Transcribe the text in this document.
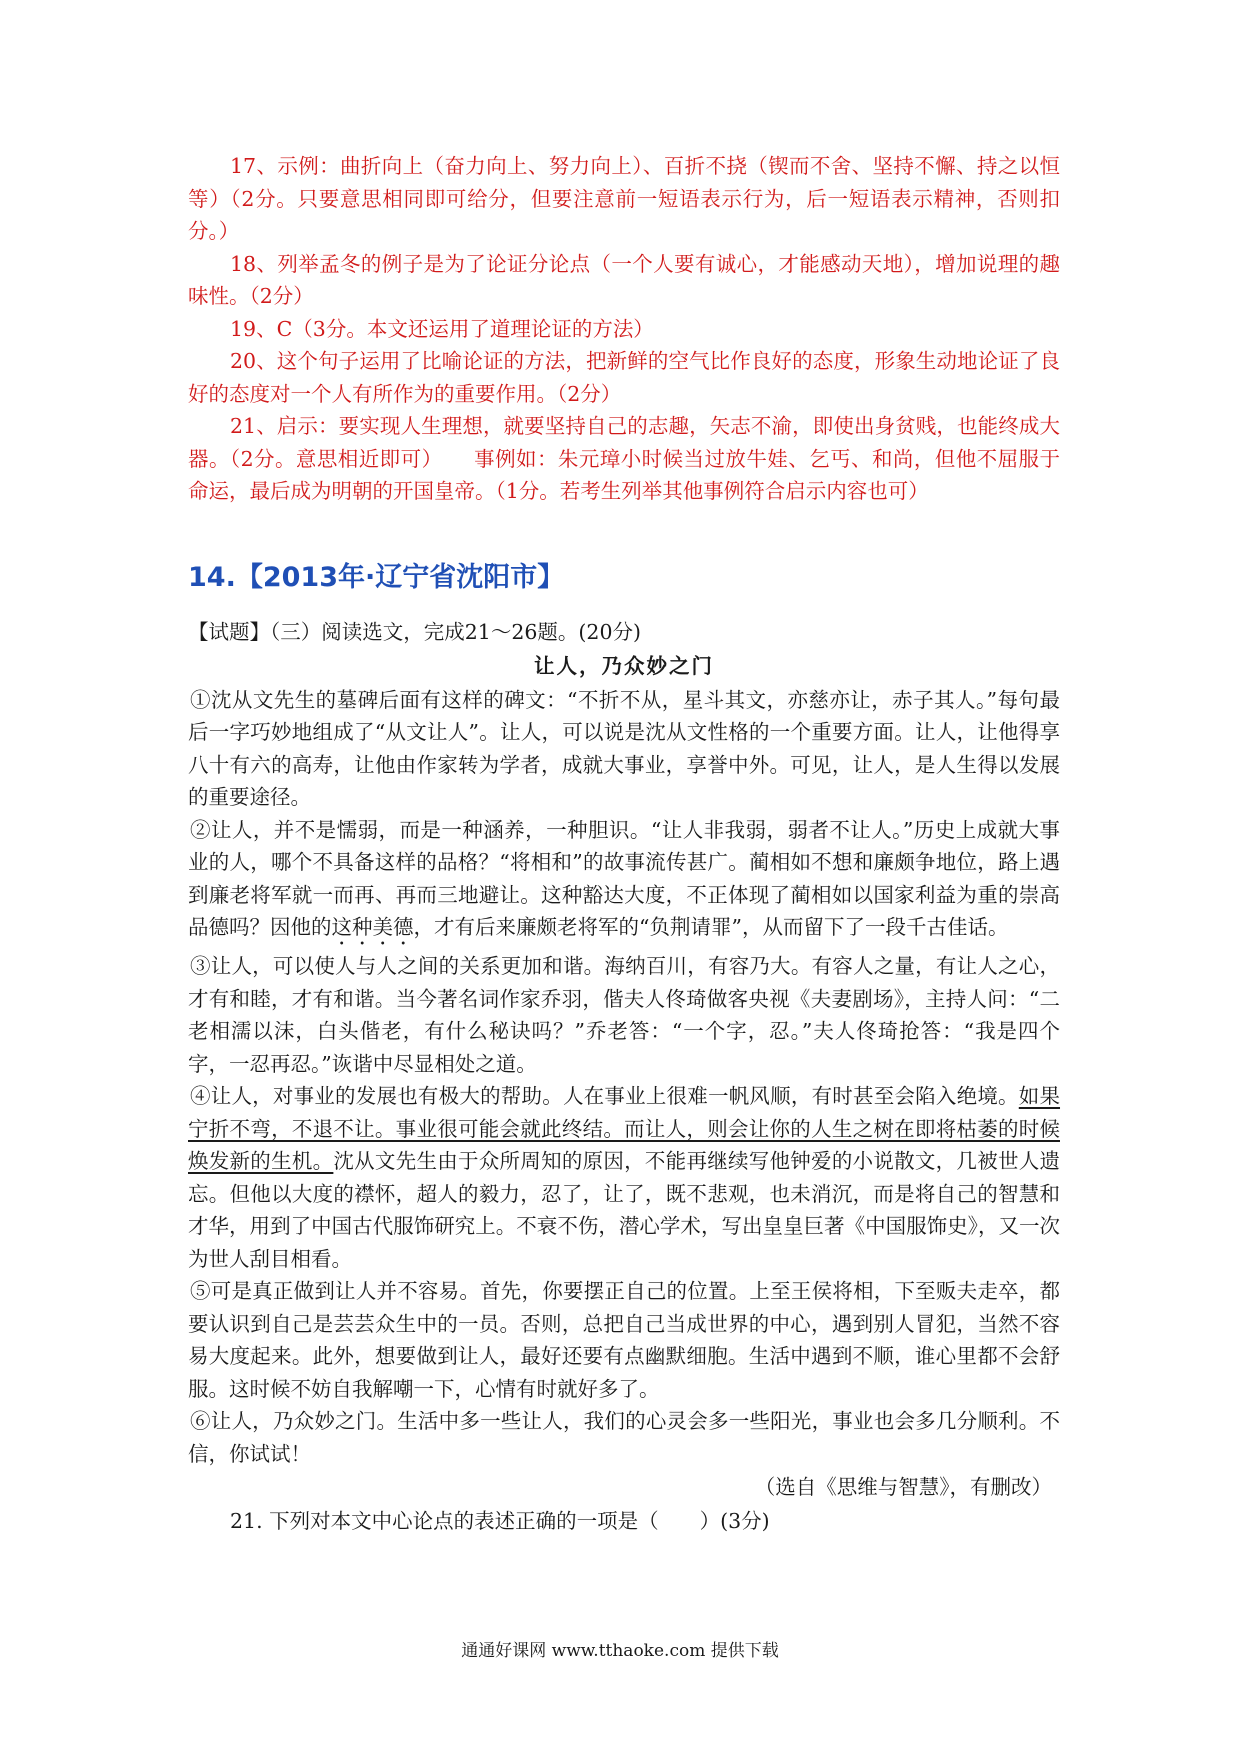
17、示例：曲折向上（奋力向上、努力向上）、百折不挠（锲而不舍、坚持不懈、持之以恒等）（2分。只要意思相同即可给分，但要注意前一短语表示行为，后一短语表示精神，否则扣分。）

18、列举孟冬的例子是为了论证分论点（一个人要有诚心，才能感动天地），增加说理的趣味性。（2分）

19、C（3分。本文还运用了道理论证的方法）

20、这个句子运用了比喻论证的方法，把新鲜的空气比作良好的态度，形象生动地论证了良好的态度对一个人有所作为的重要作用。（2分）

21、启示：要实现人生理想，就要坚持自己的志趣，矢志不渝，即使出身贫贱，也能终成大器。（2分。意思相近即可）　　事例如：朱元璋小时候当过放牛娃、乞丐、和尚，但他不屈服于命运，最后成为明朝的开国皇帝。（1分。若考生列举其他事例符合启示内容也可）

14.【2013年·辽宁省沈阳市】

【试题】（三）阅读选文，完成21～26题。(20分)

让人，乃众妙之门

①沈从文先生的墓碑后面有这样的碑文：“不折不从，星斗其文，亦慈亦让，赤子其人。”每句最后一字巧妙地组成了“从文让人”。让人，可以说是沈从文性格的一个重要方面。让人，让他得享八十有六的高寿，让他由作家转为学者，成就大事业，享誉中外。可见，让人，是人生得以发展的重要途径。

②让人，并不是懦弱，而是一种涵养，一种胆识。“让人非我弱，弱者不让人。”历史上成就大事业的人，哪个不具备这样的品格？“将相和”的故事流传甚广。蔺相如不想和廉颇争地位，路上遇到廉老将军就一而再、再而三地避让。这种豁达大度，不正体现了蔺相如以国家利益为重的崇高品德吗？因他的这种美德，才有后来廉颇老将军的“负荆请罪”，从而留下了一段千古佳话。

③让人，可以使人与人之间的关系更加和谐。海纳百川，有容乃大。有容人之量，有让人之心，才有和睦，才有和谐。当今著名词作家乔羽，偕夫人佟琦做客央视《夫妻剧场》，主持人问：“二老相濡以沫，白头偕老，有什么秘诀吗？”乔老答：“一个字，忍。”夫人佟琦抢答：“我是四个字，一忍再忍。”诙谐中尽显相处之道。

④让人，对事业的发展也有极大的帮助。人在事业上很难一帆风顺，有时甚至会陷入绝境。如果宁折不弯，不退不让。事业很可能会就此终结。而让人，则会让你的人生之树在即将枯萎的时候焕发新的生机。沈从文先生由于众所周知的原因，不能再继续写他钟爱的小说散文，几被世人遗忘。但他以大度的襟怀，超人的毅力，忍了，让了，既不悲观，也未消沉，而是将自己的智慧和才华，用到了中国古代服饰研究上。不衰不伤，潜心学术，写出皇皇巨著《中国服饰史》，又一次为世人刮目相看。

⑤可是真正做到让人并不容易。首先，你要摆正自己的位置。上至王侯将相，下至贩夫走卒，都要认识到自己是芸芸众生中的一员。否则，总把自己当成世界的中心，遇到别人冒犯，当然不容易大度起来。此外，想要做到让人，最好还要有点幽默细胞。生活中遇到不顺，谁心里都不会舒服。这时候不妨自我解嘲一下，心情有时就好多了。

⑥让人，乃众妙之门。生活中多一些让人，我们的心灵会多一些阳光，事业也会多几分顺利。不信，你试试！

（选自《思维与智慧》，有删改）

21. 下列对本文中心论点的表述正确的一项是（　　）(3分)

通通好课网 www.tthaoke.com 提供下载
